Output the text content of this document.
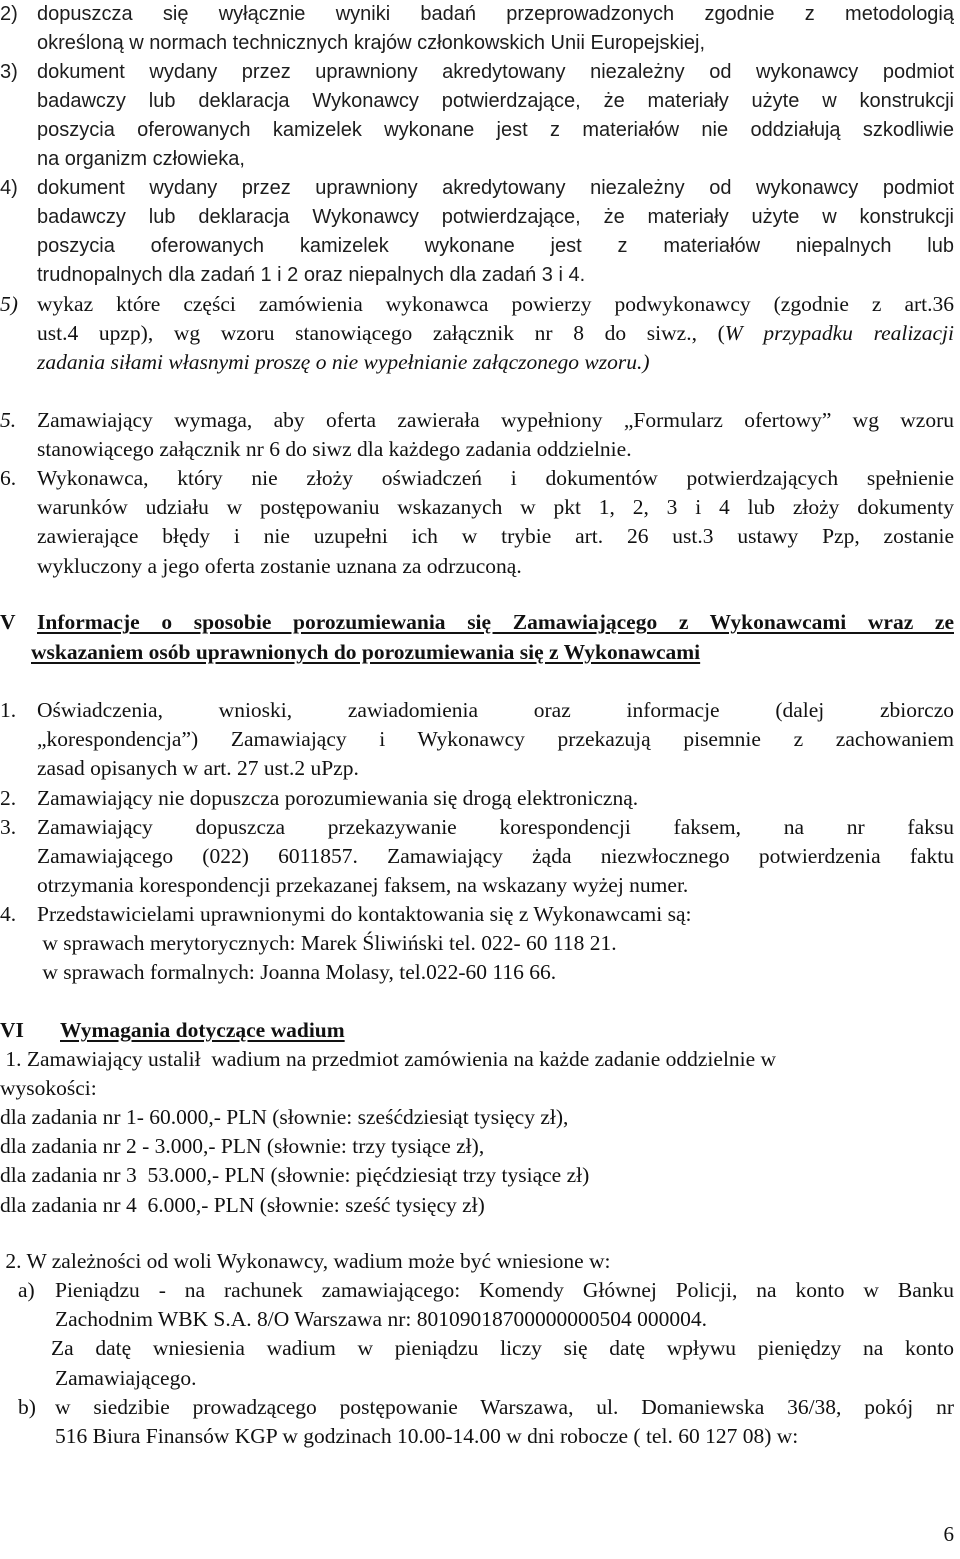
2) dopuszcza się wyłącznie wyniki badań przeprowadzonych zgodnie z metodologią
określoną w normach technicznych krajów członkowskich Unii Europejskiej,
3) dokument wydany przez uprawniony akredytowany niezależny od wykonawcy podmiot
badawczy lub deklaracja Wykonawcy potwierdzające, że materiały użyte w konstrukcji
poszycia oferowanych kamizelek wykonane jest z materiałów nie oddziałują szkodliwie
na organizm człowieka,
4) dokument wydany przez uprawniony akredytowany niezależny od wykonawcy podmiot
badawczy lub deklaracja Wykonawcy potwierdzające, że materiały użyte w konstrukcji
poszycia oferowanych kamizelek wykonane jest z materiałów niepalnych lub
trudnopalnych dla zadań 1 i 2 oraz niepalnych dla zadań 3 i 4.
5) wykaz które części zamówienia wykonawca powierzy podwykonawcy (zgodnie z art.36
ust.4 upzp), wg wzoru stanowiącego załącznik nr 8 do siwz., (W przypadku realizacji
zadania siłami własnymi proszę o nie wypełnianie załączonego wzoru.)
5. Zamawiający wymaga, aby oferta zawierała wypełniony „Formularz ofertowy” wg wzoru
stanowiącego załącznik nr 6 do siwz dla każdego zadania oddzielnie.
6. Wykonawca, który nie złoży oświadczeń i dokumentów potwierdzających spełnienie
warunków udziału w postępowaniu wskazanych w pkt 1, 2, 3 i 4 lub złoży dokumenty
zawierające błędy i nie uzupełni ich w trybie art. 26 ust.3 ustawy Pzp, zostanie
wykluczony a jego oferta zostanie uznana za odrzuconą.
V Informacje o sposobie porozumiewania się Zamawiającego z Wykonawcami wraz ze
wskazaniem osób uprawnionych do porozumiewania się z Wykonawcami
1. Oświadczenia, wnioski, zawiadomienia oraz informacje (dalej zbiorczo
„korespondencja”) Zamawiający i Wykonawcy przekazują pisemnie z zachowaniem
zasad opisanych w art. 27 ust.2 uPzp.
2. Zamawiający nie dopuszcza porozumiewania się drogą elektroniczną.
3. Zamawiający dopuszcza przekazywanie korespondencji faksem, na nr faksu
Zamawiającego (022) 6011857. Zamawiający żąda niezwłocznego potwierdzenia faktu
otrzymania korespondencji przekazanej faksem, na wskazany wyżej numer.
4. Przedstawicielami uprawnionymi do kontaktowania się z Wykonawcami są:
w sprawach merytorycznych: Marek Śliwiński tel. 022- 60 118 21.
w sprawach formalnych: Joanna Molasy, tel.022-60 116 66.
VI Wymagania dotyczące wadium
1. Zamawiający ustalił  wadium na przedmiot zamówienia na każde zadanie oddzielnie w
wysokości:
dla zadania nr 1- 60.000,- PLN (słownie: sześćdziesiąt tysięcy zł),
dla zadania nr 2 - 3.000,- PLN (słownie: trzy tysiące zł),
dla zadania nr 3  53.000,- PLN (słownie: pięćdziesiąt trzy tysiące zł)
dla zadania nr 4  6.000,- PLN (słownie: sześć tysięcy zł)
2. W zależności od woli Wykonawcy, wadium może być wniesione w:
a) Pieniądzu - na rachunek zamawiającego: Komendy Głównej Policji, na konto w Banku
Zachodnim WBK S.A. 8/O Warszawa nr: 80109018700000000504 000004.
Za datę wniesienia wadium w pieniądzu liczy się datę wpływu pieniędzy na konto
Zamawiającego.
b) w siedzibie prowadzącego postępowanie Warszawa, ul. Domaniewska 36/38, pokój nr
516 Biura Finansów KGP w godzinach 10.00-14.00 w dni robocze ( tel. 60 127 08) w:
6
